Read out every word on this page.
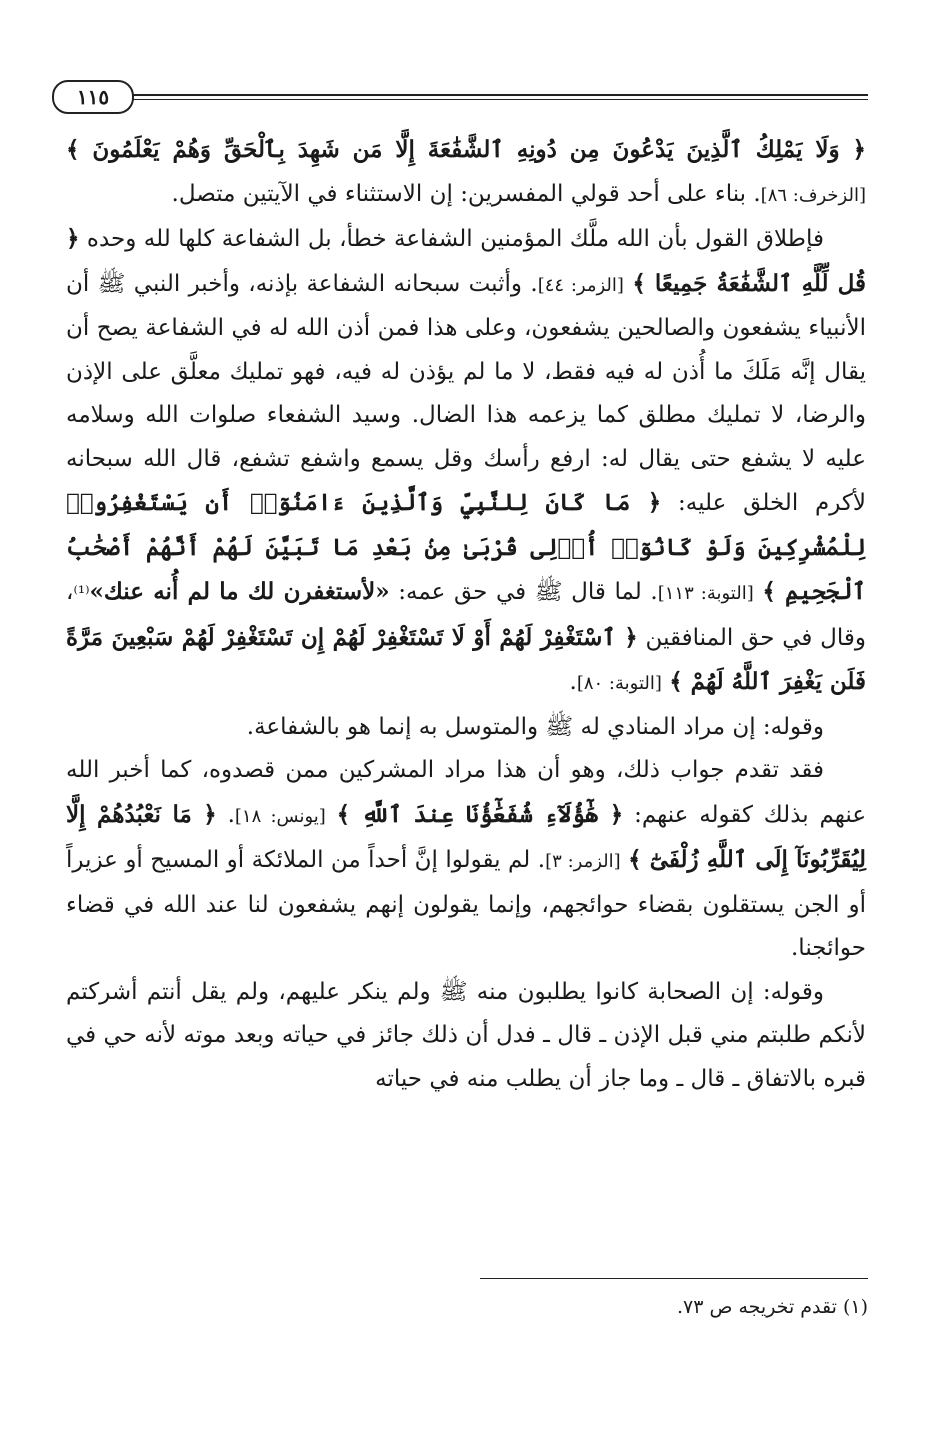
١١٥

﴿ وَلَا يَمْلِكُ ٱلَّذِينَ يَدْعُونَ مِن دُونِهِ ٱلشَّفَٰعَةَ إِلَّا مَن شَهِدَ بِٱلْحَقِّ وَهُمْ يَعْلَمُونَ ﴾ [الزخرف: ٨٦]. بناء على أحد قولي المفسرين: إن الاستثناء في الآيتين متصل.

فإطلاق القول بأن الله ملَّك المؤمنين الشفاعة خطأ، بل الشفاعة كلها لله وحده ﴿ قُل لِّلَّهِ ٱلشَّفَٰعَةُ جَمِيعًا ﴾ [الزمر: ٤٤]. وأثبت سبحانه الشفاعة بإذنه، وأخبر النبي ﷺ أن الأنبياء يشفعون والصالحين يشفعون، وعلى هذا فمن أذن الله له في الشفاعة يصح أن يقال إنَّه مَلَكَ ما أُذن له فيه فقط، لا ما لم يؤذن له فيه، فهو تمليك معلَّق على الإذن والرضا، لا تمليك مطلق كما يزعمه هذا الضال. وسيد الشفعاء صلوات الله وسلامه عليه لا يشفع حتى يقال له: ارفع رأسك وقل يسمع واشفع تشفع، قال الله سبحانه لأكرم الخلق عليه: ﴿ مَا كَانَ لِلنَّبِيِّ وَٱلَّذِينَ ءَامَنُوٓا۟ أَن يَسْتَغْفِرُوا۟ لِلْمُشْرِكِينَ وَلَوْ كَانُوٓا۟ أُو۟لِى قُرْبَىٰ مِنۢ بَعْدِ مَا تَبَيَّنَ لَهُمْ أَنَّهُمْ أَصْحَٰبُ ٱلْجَحِيمِ ﴾ [التوبة: ١١٣]. لما قال ﷺ في حق عمه: «لأستغفرن لك ما لم أُنه عنك»⁽¹⁾، وقال في حق المنافقين ﴿ ٱسْتَغْفِرْ لَهُمْ أَوْ لَا تَسْتَغْفِرْ لَهُمْ إِن تَسْتَغْفِرْ لَهُمْ سَبْعِينَ مَرَّةً فَلَن يَغْفِرَ ٱللَّهُ لَهُمْ ﴾ [التوبة: ٨٠].

وقوله: إن مراد المنادي له ﷺ والمتوسل به إنما هو بالشفاعة.

فقد تقدم جواب ذلك، وهو أن هذا مراد المشركين ممن قصدوه، كما أخبر الله عنهم بذلك كقوله عنهم: ﴿ هَٰٓؤُلَآءِ شُفَعَٰٓؤُنَا عِندَ ٱللَّهِ ﴾ [يونس: ١٨]. ﴿ مَا نَعْبُدُهُمْ إِلَّا لِيُقَرِّبُونَآ إِلَى ٱللَّهِ زُلْفَىٰٓ ﴾ [الزمر: ٣]. لم يقولوا إنَّ أحداً من الملائكة أو المسيح أو عزيراً أو الجن يستقلون بقضاء حوائجهم، وإنما يقولون إنهم يشفعون لنا عند الله في قضاء حوائجنا.

وقوله: إن الصحابة كانوا يطلبون منه ﷺ ولم ينكر عليهم، ولم يقل أنتم أشركتم لأنكم طلبتم مني قبل الإذن ـ قال ـ فدل أن ذلك جائز في حياته وبعد موته لأنه حي في قبره بالاتفاق ـ قال ـ وما جاز أن يطلب منه في حياته

(١) تقدم تخريجه ص ٧٣.
